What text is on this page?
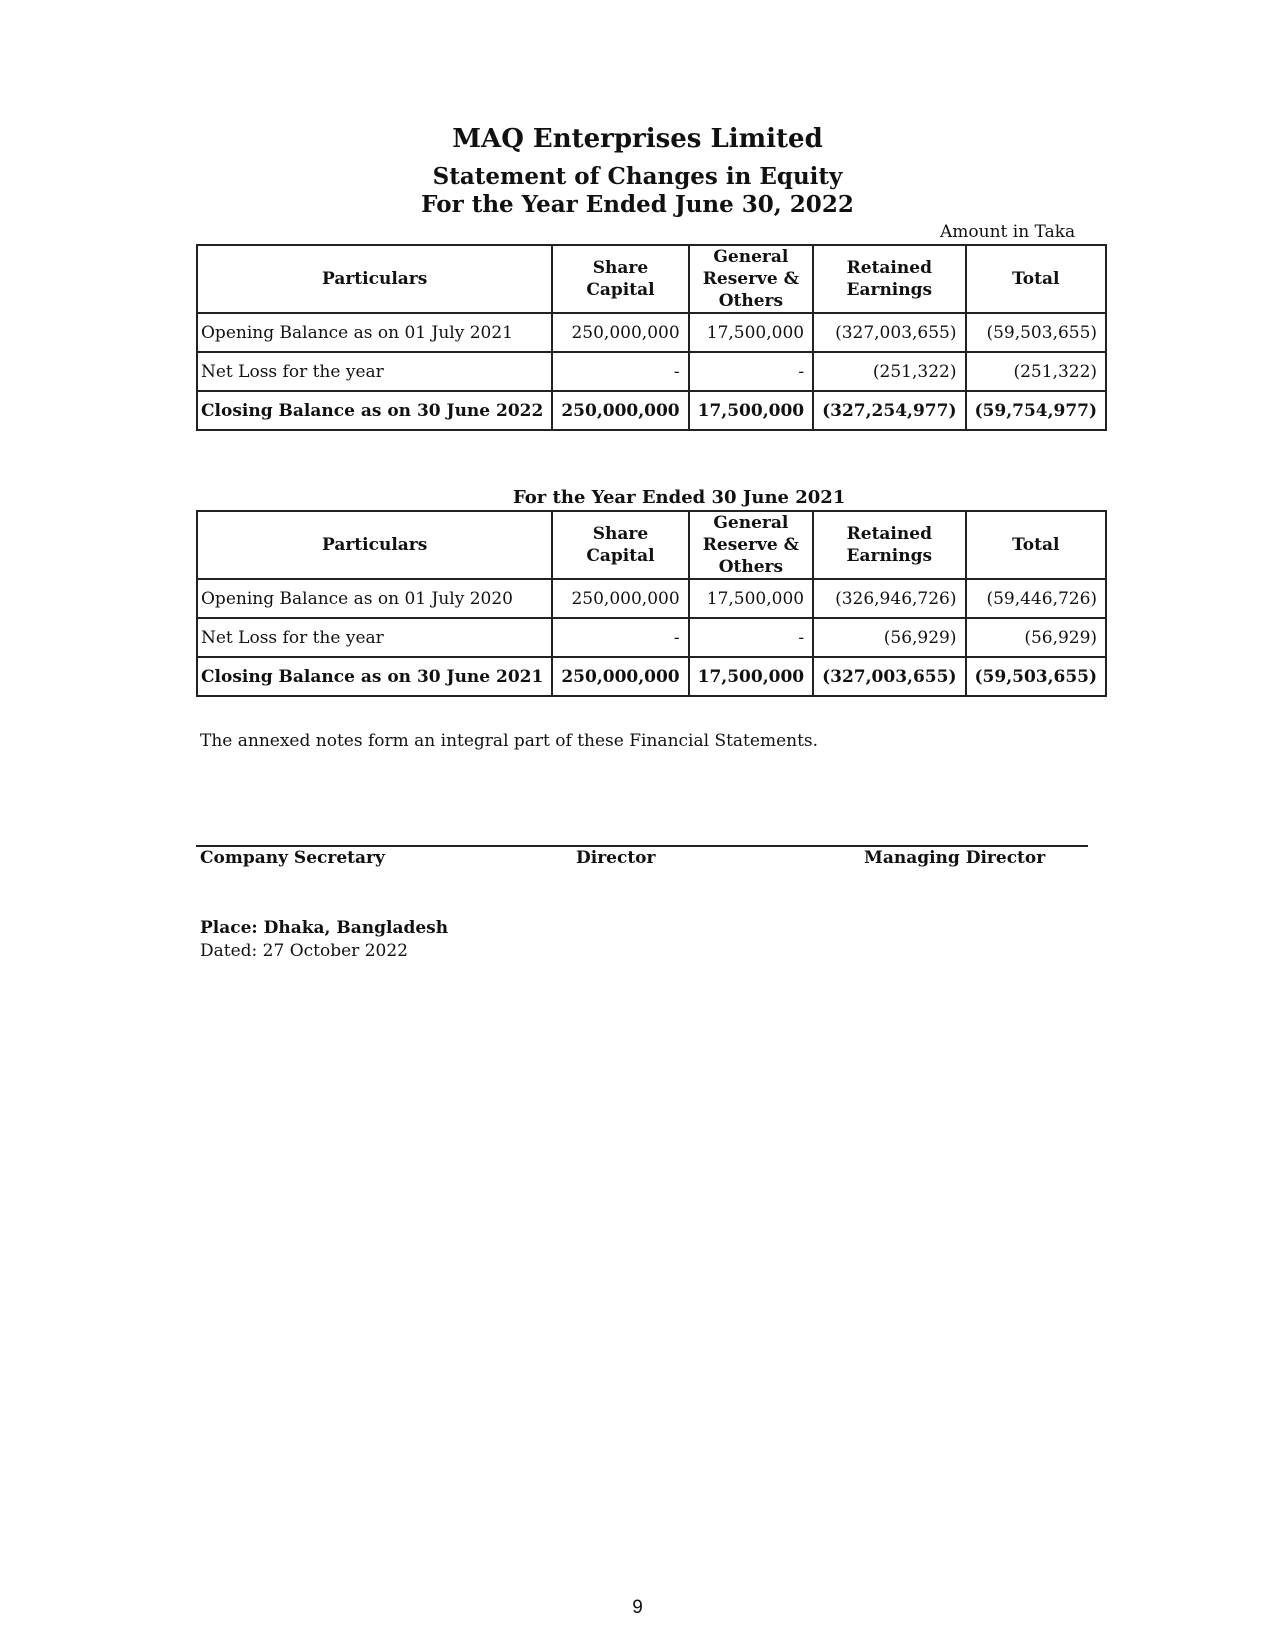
MAQ Enterprises Limited
Statement of Changes in Equity
For the Year Ended June 30, 2022
Amount in Taka
Particulars	Share Capital	General Reserve & Others	Retained Earnings	Total
Opening Balance as on 01 July 2021	250,000,000	17,500,000	(327,003,655)	(59,503,655)
Net Loss for the year	-	-	(251,322)	(251,322)
Closing Balance as on 30 June 2022	250,000,000	17,500,000	(327,254,977)	(59,754,977)
For the Year Ended 30 June 2021
Particulars	Share Capital	General Reserve & Others	Retained Earnings	Total
Opening Balance as on 01 July 2020	250,000,000	17,500,000	(326,946,726)	(59,446,726)
Net Loss for the year	-	-	(56,929)	(56,929)
Closing Balance as on 30 June 2021	250,000,000	17,500,000	(327,003,655)	(59,503,655)
The annexed notes form an integral part of these Financial Statements.
Company Secretary	Director	Managing Director
Place: Dhaka, Bangladesh
Dated: 27 October 2022
9
